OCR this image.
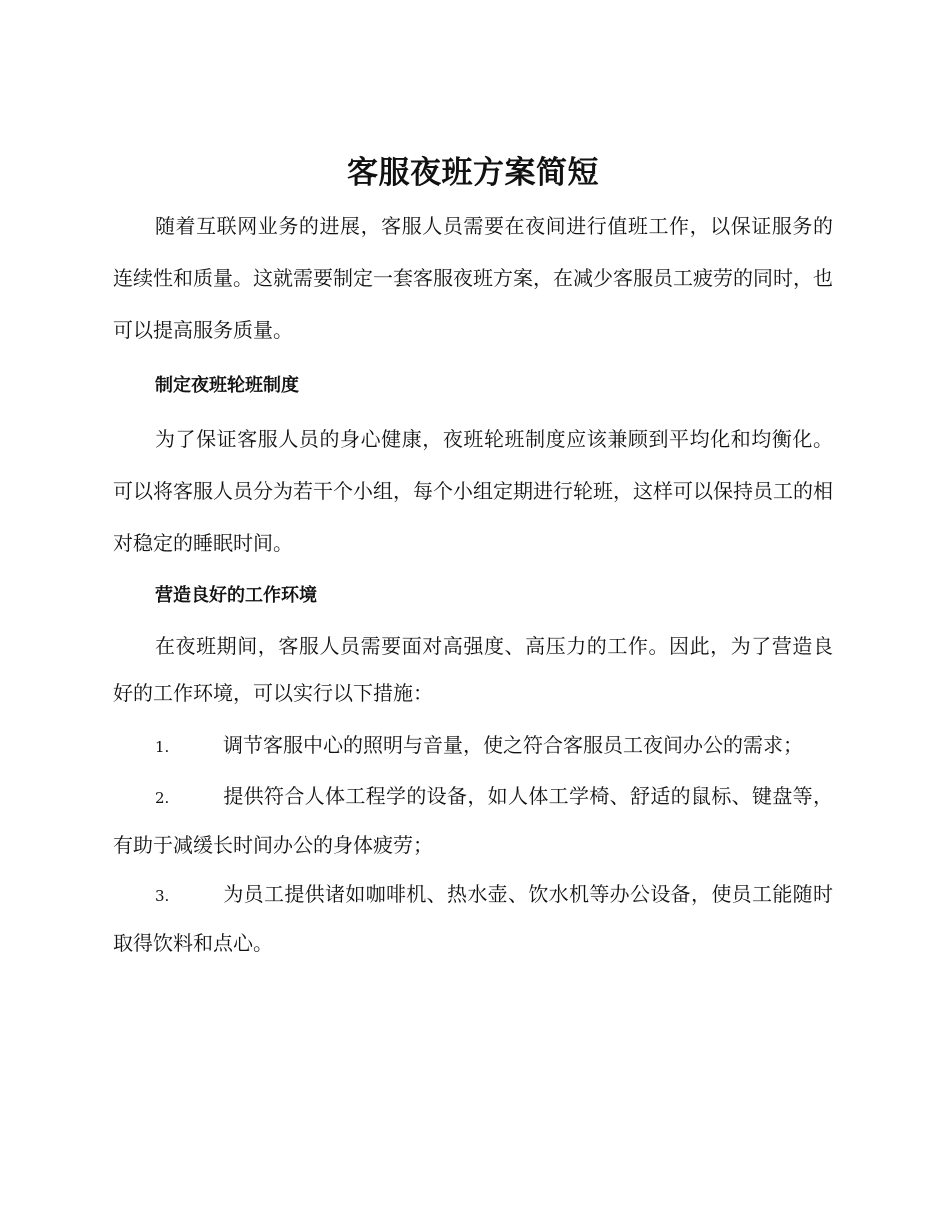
客服夜班方案简短

随着互联网业务的进展，客服人员需要在夜间进行值班工作，以保证服务的连续性和质量。这就需要制定一套客服夜班方案，在减少客服员工疲劳的同时，也可以提高服务质量。

制定夜班轮班制度

为了保证客服人员的身心健康，夜班轮班制度应该兼顾到平均化和均衡化。可以将客服人员分为若干个小组，每个小组定期进行轮班，这样可以保持员工的相对稳定的睡眠时间。

营造良好的工作环境

在夜班期间，客服人员需要面对高强度、高压力的工作。因此，为了营造良好的工作环境，可以实行以下措施：

1.	调节客服中心的照明与音量，使之符合客服员工夜间办公的需求；

2.	提供符合人体工程学的设备，如人体工学椅、舒适的鼠标、键盘等，有助于减缓长时间办公的身体疲劳；

3.	为员工提供诸如咖啡机、热水壶、饮水机等办公设备，使员工能随时取得饮料和点心。
